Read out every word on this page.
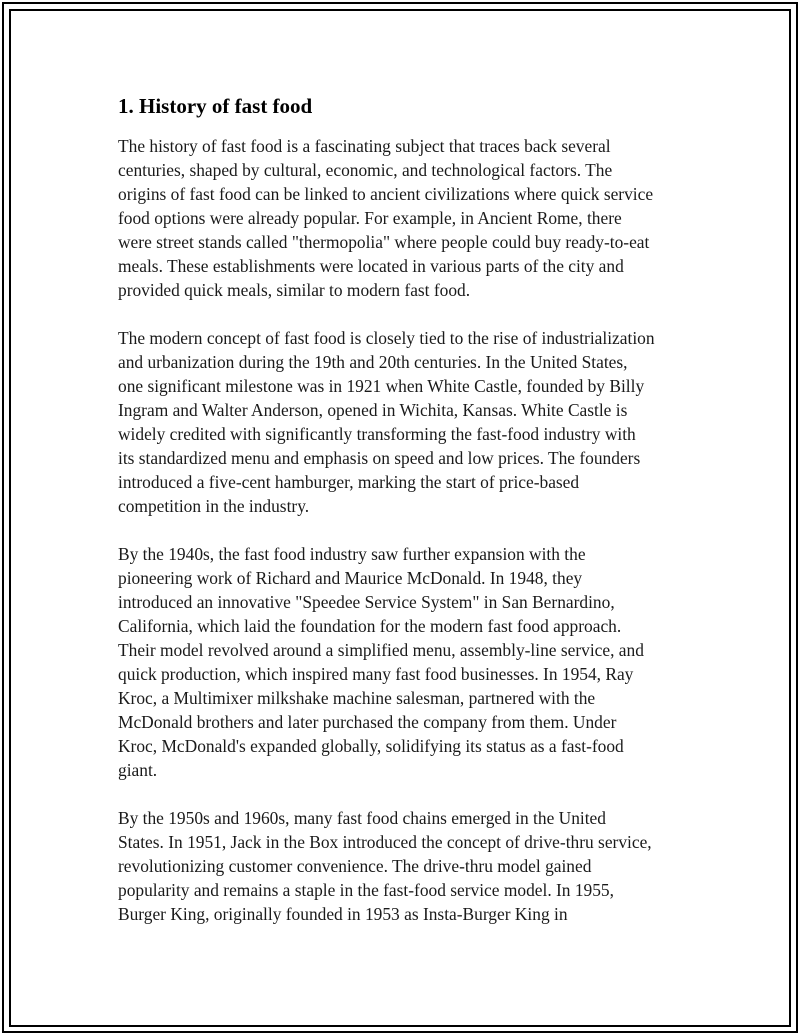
1. History of fast food

The history of fast food is a fascinating subject that traces back several
centuries, shaped by cultural, economic, and technological factors. The
origins of fast food can be linked to ancient civilizations where quick service
food options were already popular. For example, in Ancient Rome, there
were street stands called "thermopolia" where people could buy ready-to-eat
meals. These establishments were located in various parts of the city and
provided quick meals, similar to modern fast food.

The modern concept of fast food is closely tied to the rise of industrialization
and urbanization during the 19th and 20th centuries. In the United States,
one significant milestone was in 1921 when White Castle, founded by Billy
Ingram and Walter Anderson, opened in Wichita, Kansas. White Castle is
widely credited with significantly transforming the fast-food industry with
its standardized menu and emphasis on speed and low prices. The founders
introduced a five-cent hamburger, marking the start of price-based
competition in the industry.

By the 1940s, the fast food industry saw further expansion with the
pioneering work of Richard and Maurice McDonald. In 1948, they
introduced an innovative "Speedee Service System" in San Bernardino,
California, which laid the foundation for the modern fast food approach.
Their model revolved around a simplified menu, assembly-line service, and
quick production, which inspired many fast food businesses. In 1954, Ray
Kroc, a Multimixer milkshake machine salesman, partnered with the
McDonald brothers and later purchased the company from them. Under
Kroc, McDonald's expanded globally, solidifying its status as a fast-food
giant.

By the 1950s and 1960s, many fast food chains emerged in the United
States. In 1951, Jack in the Box introduced the concept of drive-thru service,
revolutionizing customer convenience. The drive-thru model gained
popularity and remains a staple in the fast-food service model. In 1955,
Burger King, originally founded in 1953 as Insta-Burger King in
